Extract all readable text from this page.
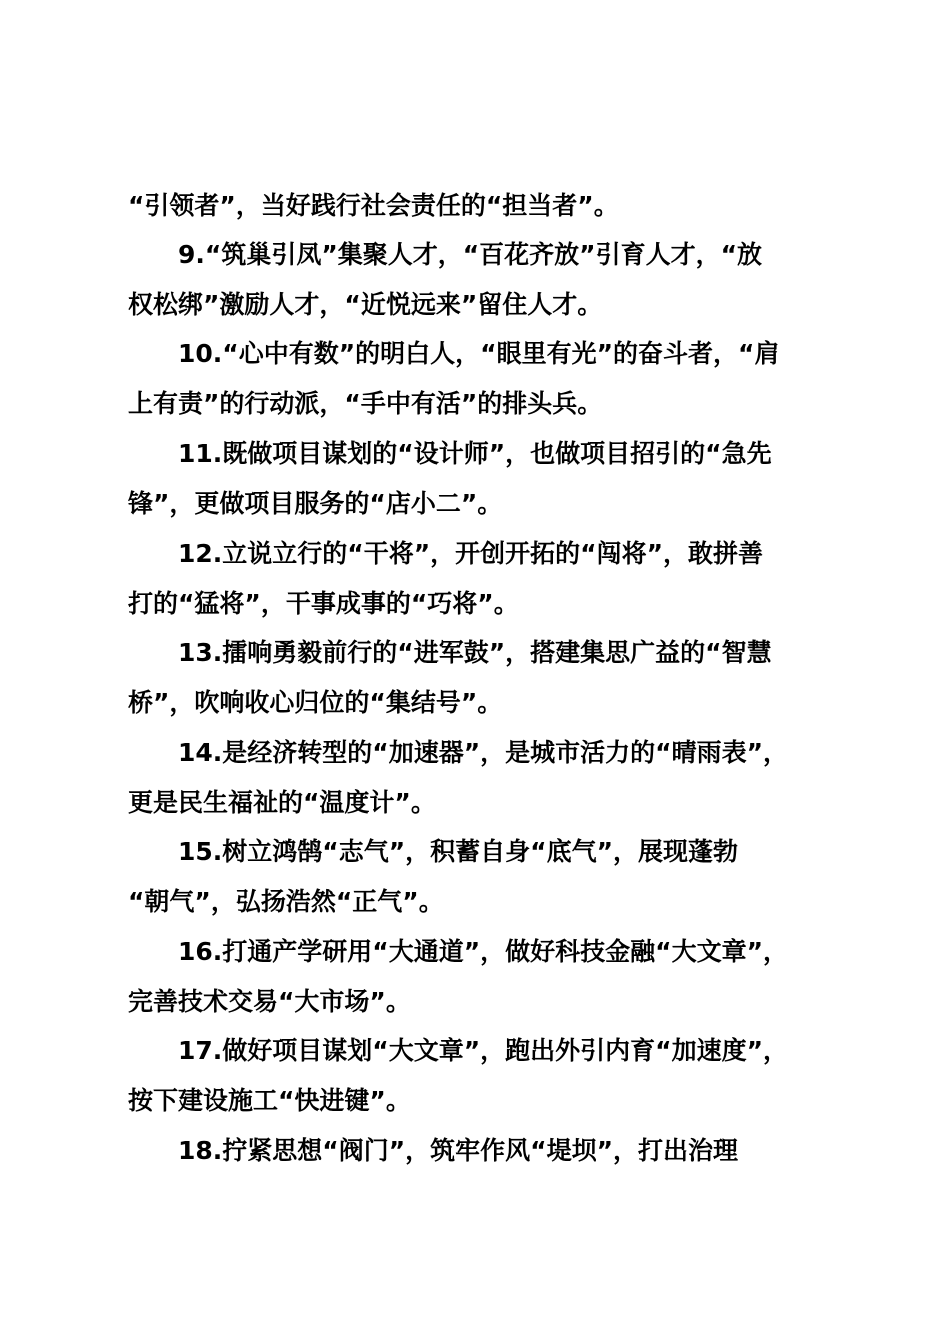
“引领者”，当好践行社会责任的“担当者”。
9.“筑巢引凤”集聚人才，“百花齐放”引育人才，“放
权松绑”激励人才，“近悦远来”留住人才。
10.“心中有数”的明白人，“眼里有光”的奋斗者，“肩
上有责”的行动派，“手中有活”的排头兵。
11.既做项目谋划的“设计师”，也做项目招引的“急先
锋”，更做项目服务的“店小二”。
12.立说立行的“干将”，开创开拓的“闯将”，敢拼善
打的“猛将”，干事成事的“巧将”。
13.擂响勇毅前行的“进军鼓”，搭建集思广益的“智慧
桥”，吹响收心归位的“集结号”。
14.是经济转型的“加速器”，是城市活力的“晴雨表”，
更是民生福祉的“温度计”。
15.树立鸿鹄“志气”，积蓄自身“底气”，展现蓬勃
“朝气”，弘扬浩然“正气”。
16.打通产学研用“大通道”，做好科技金融“大文章”，
完善技术交易“大市场”。
17.做好项目谋划“大文章”，跑出外引内育“加速度”，
按下建设施工“快进键”。
18.拧紧思想“阀门”，筑牢作风“堤坝”，打出治理
